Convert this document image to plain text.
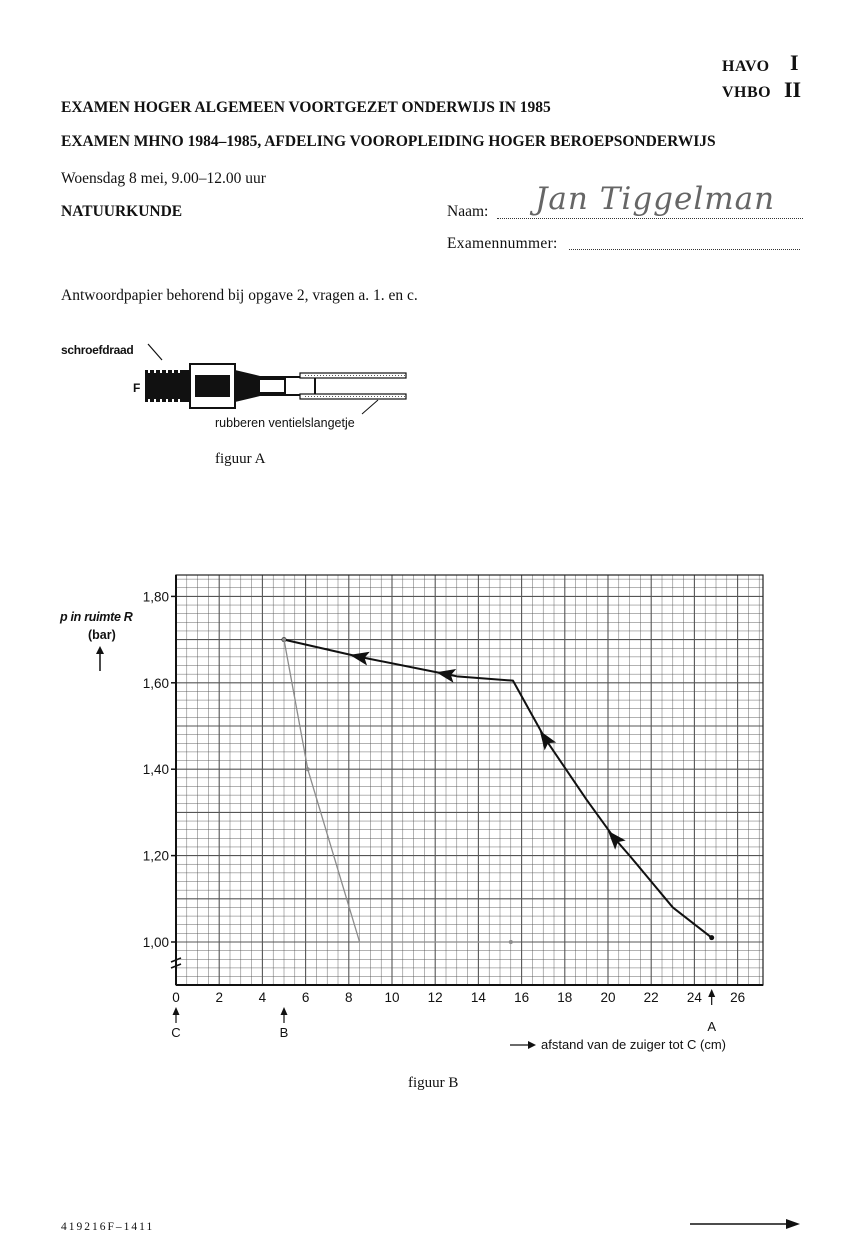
HAVO I
VHBO II
EXAMEN HOGER ALGEMEEN VOORTGEZET ONDERWIJS IN 1985
EXAMEN MHNO 1984–1985, AFDELING VOOROPLEIDING HOGER BEROEPSONDERWIJS
Woensdag 8 mei, 9.00–12.00 uur
NATUURKUNDE	Naam: Jan Tiggelman
Examennummer:
Antwoordpapier behorend bij opgave 2, vragen a. 1. en c.
schroefdraad
F
rubberen ventielslangetje
figuur A
p in ruimte R
(bar)
1,00
1,20
1,40
1,60
1,80
0	2	4	6	8 10 12 14 16 18 20 22 24 26
C	B	A
afstand van de zuiger tot C (cm)
figuur B
419216F–1411
